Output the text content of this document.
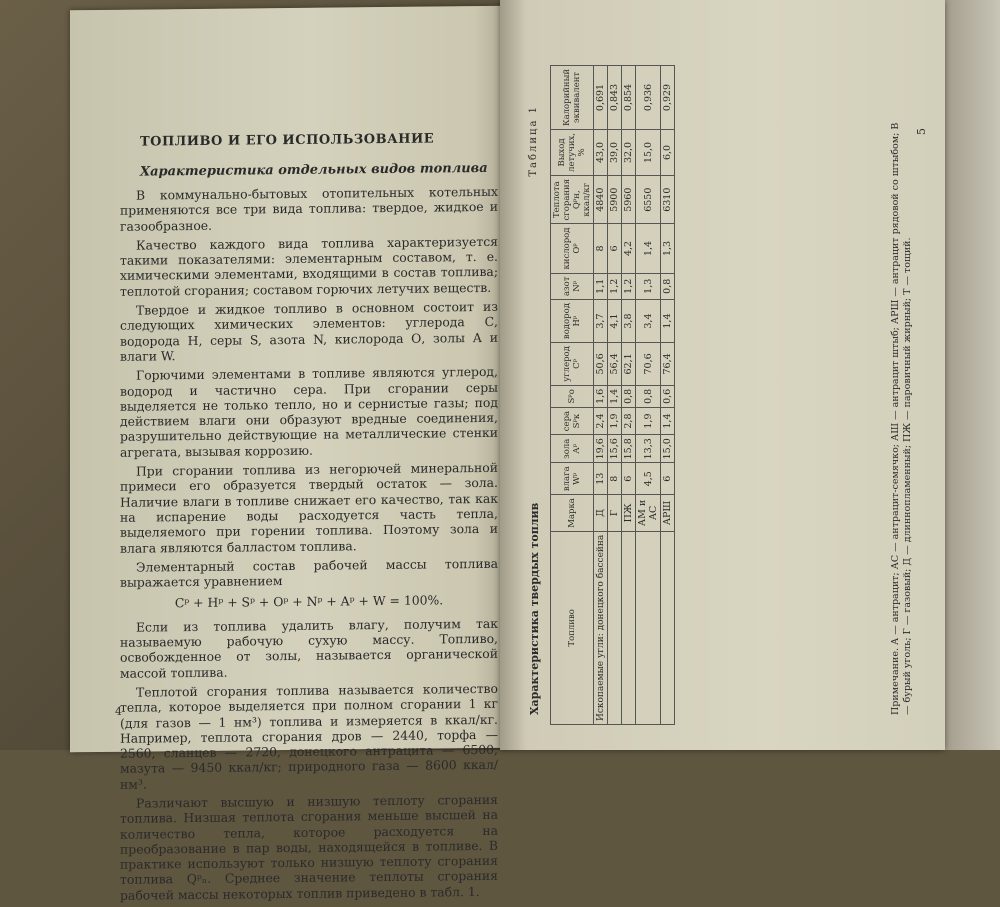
ТОПЛИВО И ЕГО ИСПОЛЬЗОВАНИЕ
Характеристика отдельных видов топлива

В коммунально-бытовых отопительных котельных применяются все три вида топлива: твердое, жидкое и газообразное.

Качество каждого вида топлива характеризуется такими показателями: элементарным составом, т. е. химическими элементами, входящими в состав топлива; теплотой сгорания; составом горючих летучих веществ.

Твердое и жидкое топливо в основном состоит из следующих химических элементов: углерода С, водорода Н, серы S, азота N, кислорода О, золы А и влаги W.

Горючими элементами в топливе являются углерод, водород и частично сера. При сгорании серы выделяется не только тепло, но и сернистые газы; под действием влаги они образуют вредные соединения, разрушительно действующие на металлические стенки агрегата, вызывая коррозию.

При сгорании топлива из негорючей минеральной примеси его образуется твердый остаток — зола. Наличие влаги в топливе снижает его качество, так как на испарение воды расходуется часть тепла, выделяемого при горении топлива. Поэтому зола и влага являются балластом топлива.

Элементарный состав рабочей массы топлива выражается уравнением

Cᵖ + Hᵖ + Sᵖ + Oᵖ + Nᵖ + Aᵖ + W = 100%.

Если из топлива удалить влагу, получим так называемую рабочую сухую массу. Топливо, освобожденное от золы, называется органической массой топлива.

Теплотой сгорания топлива называется количество тепла, которое выделяется при полном сгорании 1 кг (для газов — 1 нм³) топлива и измеряется в ккал/кг. Например, теплота сгорания дров — 2440, торфа — 2560, сланцев — 2720, донецкого антрацита — 6500, мазута — 9450 ккал/кг; природного газа — 8600 ккал/нм³.

Различают высшую и низшую теплоту сгорания топлива. Низшая теплота сгорания меньше высшей на количество тепла, которое расходуется на преобразование в пар воды, находящейся в топливе. В практике используют только низшую теплоту сгорания топлива Qᵖₙ. Среднее значение теплоты сгорания рабочей массы некоторых топлив приведено в табл. 1.

4	Характеристика твердых топлив
Таблица 1
Топливо	Марка	влага Wᵖ	зола Aᵖ	сера Sᵖк	Sᵖо	углерод Cᵖ	водород Hᵖ	азот Nᵖ	кислород Oᵖ	Теплота сгорания Qᵖн, ккал/кг	Выход летучих, %	Калорийный эквивалент
Ископаемые угли: донецкого бассейна	Д	13	19,6	2,4	1,6	50,6	3,7	1,1	8	4840	43,0	0,691
	Г	8	15,6	1,9	1,4	56,4	4,1	1,2	6	5900	39,0	0,843
	ПЖ	6	15,8	2,8	0,8	62,1	3,8	1,2	4,2	5960	32,0	0,854
	АМ и АС	4,5	13,3	1,9	0,8	70,6	3,4	1,3	1,4	6550	15,0	0,936
	АРШ	6	15,0	1,4	0,6	76,4	1,4	0,8	1,3	6310	6,0	0,929
Примечание. А — антрацит; АС — антрацит-семячко; АШ — антрацит штыб; АРШ — антрацит рядовой со штыбом; В — бурый уголь; Г — газовый; Д — длиннопламенный; ПЖ — паровичный жирный; Т — тощий.
5
